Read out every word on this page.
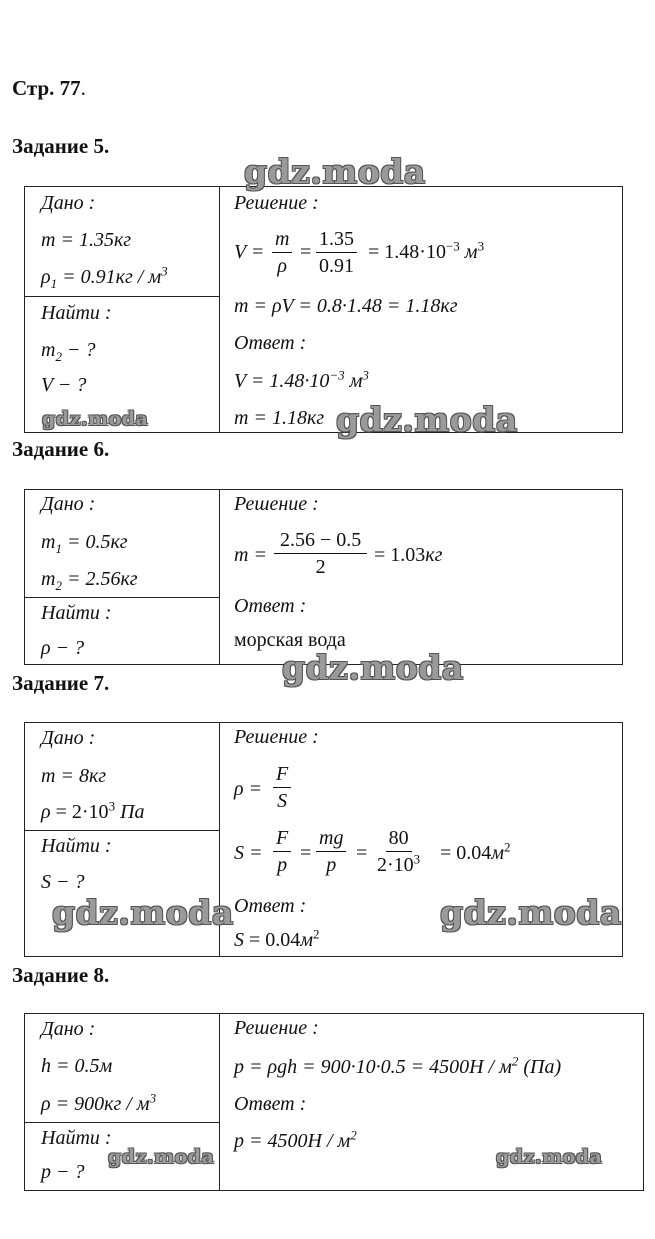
Стр. 77.
Задание 5.
Дано :
m = 1.35кг
$\rho_1 = 0.91кг / м^3$
Найти :
$m_2$ − ?
V − ?
Решение :
$V = \frac{m}{\rho} = \frac{1.35}{0.91} = 1.48\cdot 10^{-3}$ $м^3$
m = ρV = 0.8·1.48 = 1.18кг
Ответ :
$V = 1.48\cdot 10^{-3}$ $м^3$
m = 1.18кг
Задание 6.
Дано :
$m_1 = 0.5кг$
$m_2 = 2.56кг$
Найти :
ρ − ?
Решение :
$m = \frac{2.56 - 0.5}{2} = 1.03кг$
Ответ :
морская вода
Задание 7.
Дано :
m = 8кг
$\rho = 2\cdot 10^3$ Па
Найти :
S − ?
Решение :
$\rho = \frac{F}{S}$
$S = \frac{F}{p} = \frac{mg}{p} = \frac{80}{2\cdot 10^3} = 0.04м^2$
Ответ :
$S = 0.04м^2$
Задание 8.
Дано :
h = 0.5м
$\rho = 900кг / м^3$
Найти :
p − ?
Решение :
$p = \rho gh = 900\cdot 10\cdot 0.5 = 4500Н / м^2$ (Па)
Ответ :
$p = 4500Н / м^2$
gdz.moda
gdz.moda	gdz.moda
gdz.moda
gdz.moda	gdz.moda
gdz.moda	gdz.moda
